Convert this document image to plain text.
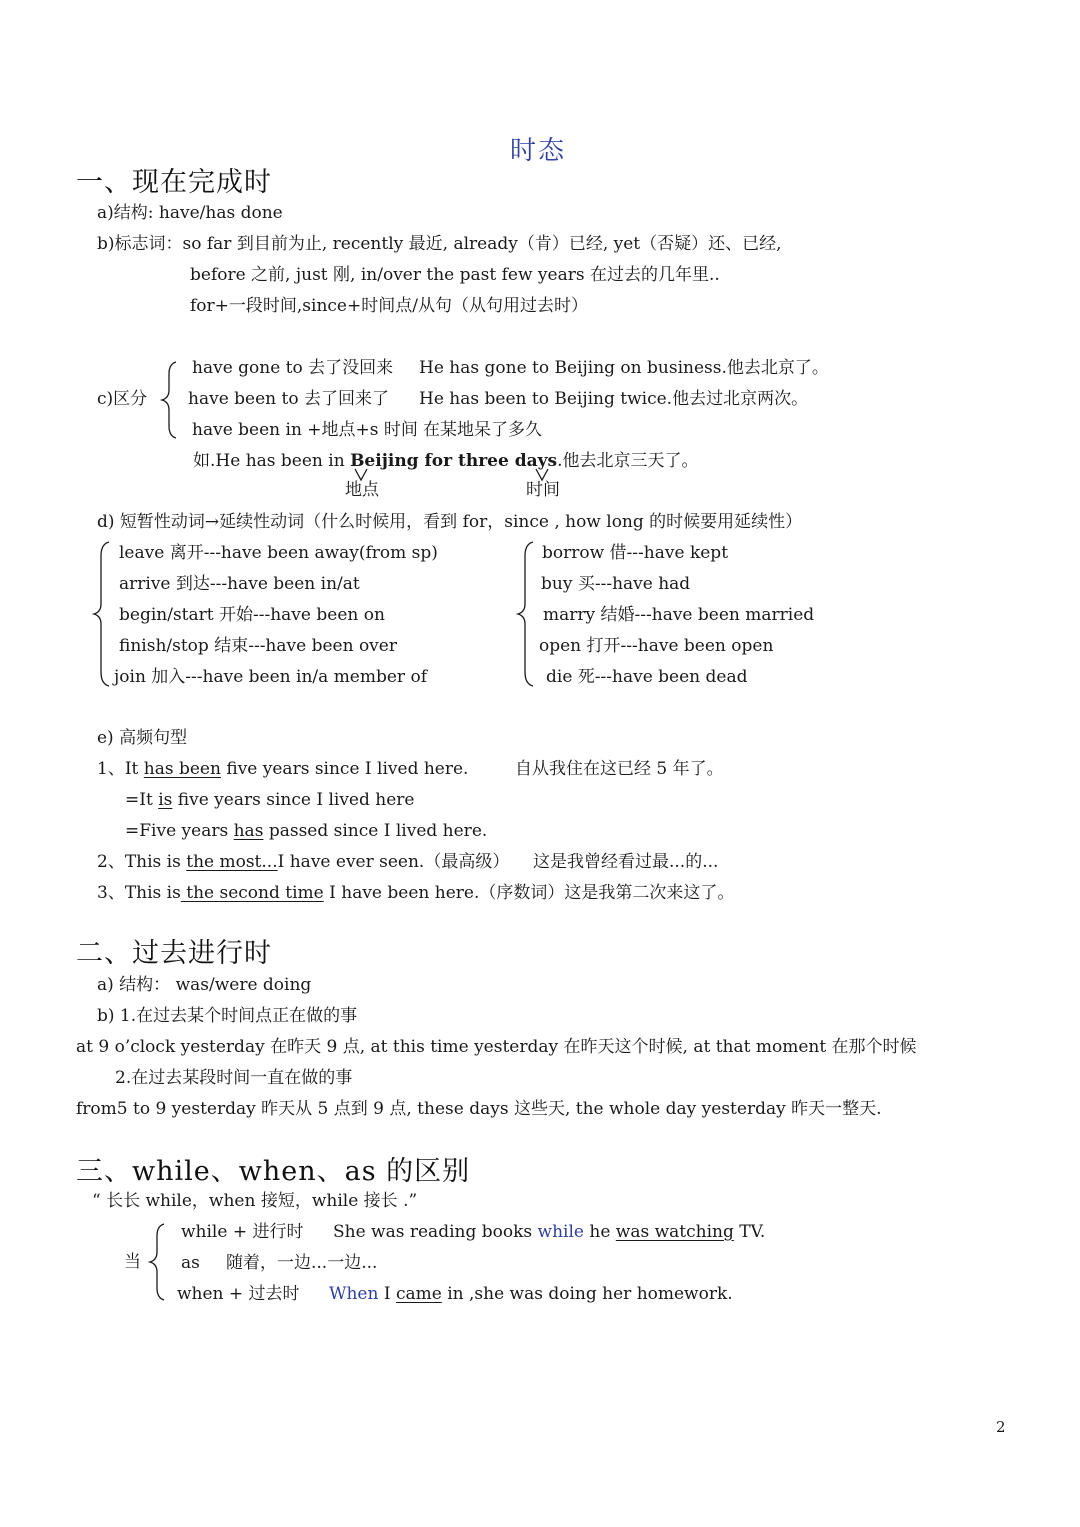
时态
一、现在完成时
a)结构: have/has done
b)标志词：so far 到目前为止, recently 最近, already（肯）已经, yet（否疑）还、已经,
before 之前, just 刚, in/over the past few years 在过去的几年里..
for+一段时间,since+时间点/从句（从句用过去时）
c)区分
have gone to 去了没回来 He has gone to Beijing on business.他去北京了。
have been to 去了回来了 He has been to Beijing twice.他去过北京两次。
have been in +地点+s 时间 在某地呆了多久
如.He has been in Beijing for three days.他去北京三天了。
地点	时间
d) 短暂性动词→延续性动词（什么时候用，看到 for，since , how long 的时候要用延续性）
leave 离开---have been away(from sp)
arrive 到达---have been in/at
begin/start 开始---have been on
finish/stop 结束---have been over
join 加入---have been in/a member of
borrow 借---have kept
buy 买---have had
marry 结婚---have been married
open 打开---have been open
die 死---have been dead
e) 高频句型
1、It has been five years since I lived here.	自从我住在这已经 5 年了。
=It is five years since I lived here
=Five years has passed since I lived here.
2、This is the most...I have ever seen.（最高级） 这是我曾经看过最...的...
3、This is the second time I have been here.（序数词）这是我第二次来这了。
二、过去进行时
a) 结构： was/were doing
b) 1.在过去某个时间点正在做的事
at 9 o’clock yesterday 在昨天 9 点, at this time yesterday 在昨天这个时候, at that moment 在那个时候
2.在过去某段时间一直在做的事
from5 to 9 yesterday 昨天从 5 点到 9 点, these days 这些天, the whole day yesterday 昨天一整天.
三、while、when、as 的区别
“ 长长 while，when 接短，while 接长 .”
当
while + 进行时 She was reading books while he was watching TV.
as 随着，一边...一边...
when + 过去时 When I came in ,she was doing her homework.
2
